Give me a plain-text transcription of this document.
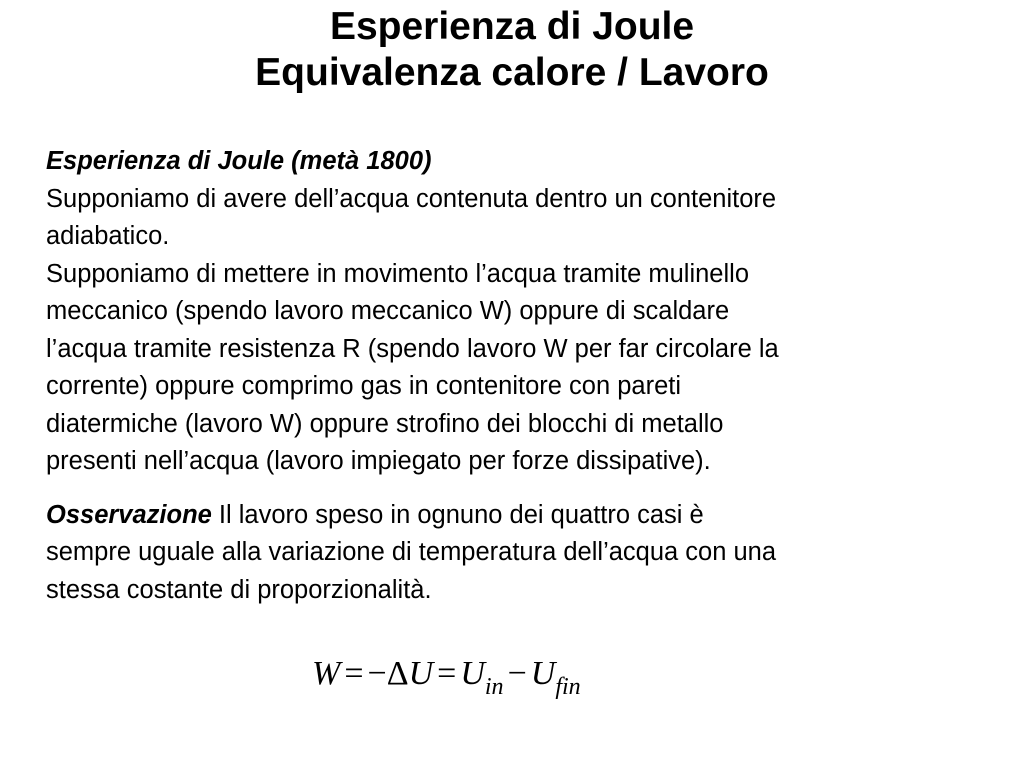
Esperienza di Joule
Equivalenza calore / Lavoro
Esperienza di Joule (metà 1800)
Supponiamo di avere dell’acqua contenuta dentro un contenitore
adiabatico.
Supponiamo di mettere in movimento l’acqua tramite mulinello
meccanico (spendo lavoro meccanico W) oppure di scaldare
l’acqua tramite resistenza R (spendo lavoro W per far circolare la
corrente) oppure comprimo gas in contenitore con pareti
diatermiche (lavoro W) oppure strofino dei blocchi di metallo
presenti nell’acqua (lavoro impiegato per forze dissipative).
Osservazione Il lavoro speso in ognuno dei quattro casi è
sempre uguale alla variazione di temperatura dell’acqua con una
stessa costante di proporzionalità.
$W = -\Delta U = U_{in} - U_{fin}$
